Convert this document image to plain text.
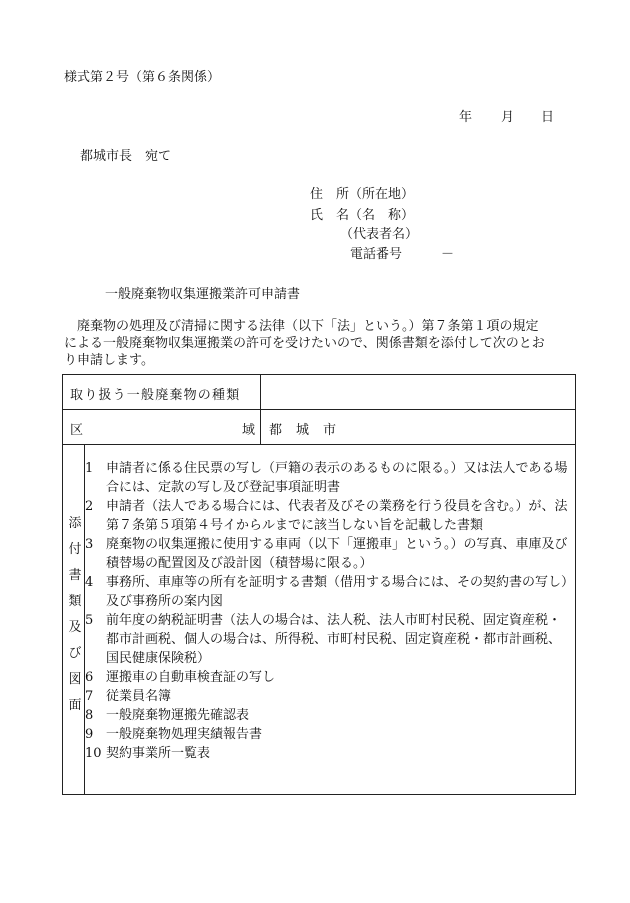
様式第２号（第６条関係）
年 月 日
都城市長　宛て
住　所（所在地）
氏　名（名　称）
（代表者名）
電話番号　　　－
一般廃棄物収集運搬業許可申請書
廃棄物の処理及び清掃に関する法律（以下「法」という。）第７条第１項の規定
による一般廃棄物収集運搬業の許可を受けたいので、関係書類を添付して次のとお
り申請します。
取り扱う一般廃棄物の種類
区	域 都城市
添
付
書
類
及
び
図
面
1 申請者に係る住民票の写し（戸籍の表示のあるものに限る。）又は法人である場合には、定款の写し及び登記事項証明書
2 申請者（法人である場合には、代表者及びその業務を行う役員を含む。）が、法第７条第５項第４号イからルまでに該当しない旨を記載した書類
3 廃棄物の収集運搬に使用する車両（以下「運搬車」という。）の写真、車庫及び積替場の配置図及び設計図（積替場に限る。）
4 事務所、車庫等の所有を証明する書類（借用する場合には、その契約書の写し）及び事務所の案内図
5 前年度の納税証明書（法人の場合は、法人税、法人市町村民税、固定資産税・都市計画税、個人の場合は、所得税、市町村民税、固定資産税・都市計画税、国民健康保険税）
6 運搬車の自動車検査証の写し
7 従業員名簿
8 一般廃棄物運搬先確認表
9 一般廃棄物処理実績報告書
10 契約事業所一覧表
